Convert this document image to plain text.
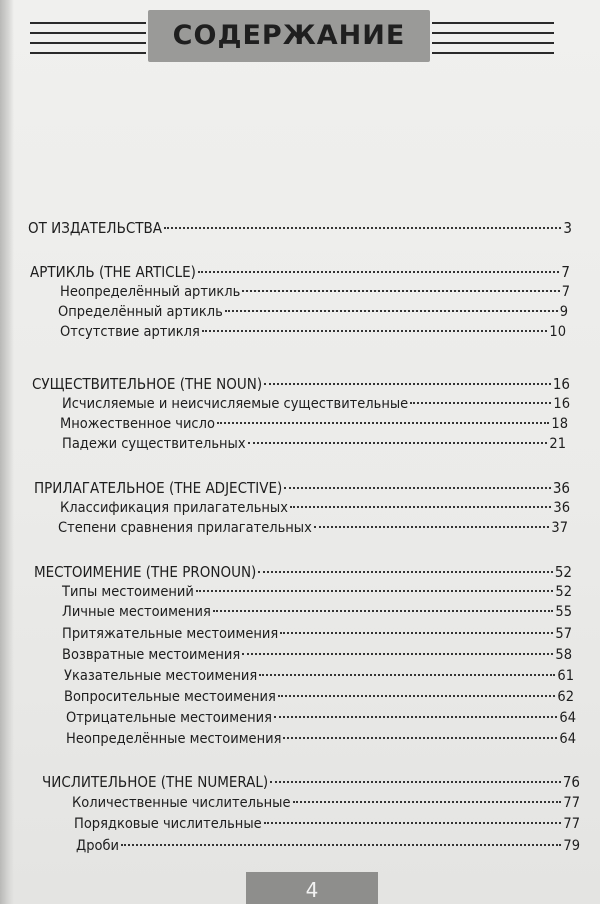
СОДЕРЖАНИЕ
ОТ ИЗДАТЕЛЬСТВА	3
АРТИКЛЬ (THE ARTICLE)	7
Неопределённый артикль	7
Определённый артикль	9
Отсутствие артикля	10
СУЩЕСТВИТЕЛЬНОЕ (THE NOUN)	16
Исчисляемые и неисчисляемые существительные	16
Множественное число	18
Падежи существительных	21
ПРИЛАГАТЕЛЬНОЕ (THE ADJECTIVE)	36
Классификация прилагательных	36
Степени сравнения прилагательных	37
МЕСТОИМЕНИЕ (THE PRONOUN)	52
Типы местоимений	52
Личные местоимения	55
Притяжательные местоимения	57
Возвратные местоимения	58
Указательные местоимения	61
Вопросительные местоимения	62
Отрицательные местоимения	64
Неопределённые местоимения	64
ЧИСЛИТЕЛЬНОЕ (THE NUMERAL)	76
Количественные числительные	77
Порядковые числительные	77
Дроби	79
4
